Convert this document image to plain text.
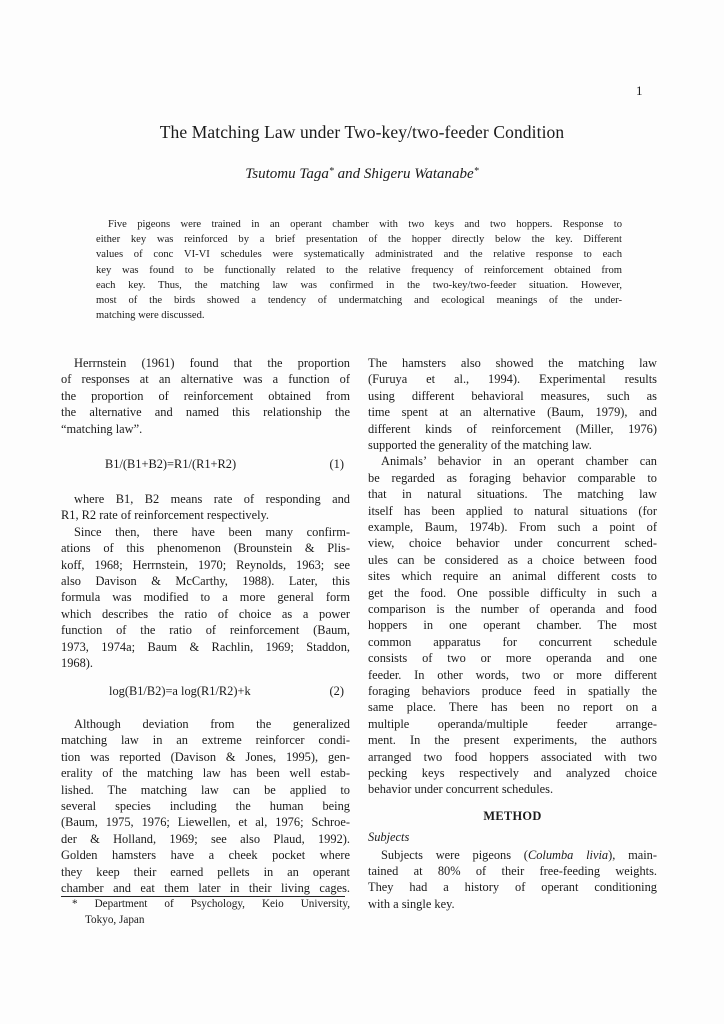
1
The Matching Law under Two-key/two-feeder Condition
Tsutomu Taga* and Shigeru Watanabe*
Five pigeons were trained in an operant chamber with two keys and two hoppers. Response to
either key was reinforced by a brief presentation of the hopper directly below the key. Different
values of conc VI-VI schedules were systematically administrated and the relative response to each
key was found to be functionally related to the relative frequency of reinforcement obtained from
each key. Thus, the matching law was confirmed in the two-key/two-feeder situation. However,
most of the birds showed a tendency of undermatching and ecological meanings of the under-
matching were discussed.
Herrnstein (1961) found that the proportion
of responses at an alternative was a function of
the proportion of reinforcement obtained from
the alternative and named this relationship the
“matching law”.
B1/(B1+B2)=R1/(R1+R2)	(1)
where B1, B2 means rate of responding and
R1, R2 rate of reinforcement respectively.
Since then, there have been many confirm-
ations of this phenomenon (Brounstein & Plis-
koff, 1968; Herrnstein, 1970; Reynolds, 1963; see
also Davison & McCarthy, 1988). Later, this
formula was modified to a more general form
which describes the ratio of choice as a power
function of the ratio of reinforcement (Baum,
1973, 1974a; Baum & Rachlin, 1969; Staddon,
1968).
log(B1/B2)=a log(R1/R2)+k	(2)
Although deviation from the generalized
matching law in an extreme reinforcer condi-
tion was reported (Davison & Jones, 1995), gen-
erality of the matching law has been well estab-
lished. The matching law can be applied to
several species including the human being
(Baum, 1975, 1976; Liewellen, et al, 1976; Schroe-
der & Holland, 1969; see also Plaud, 1992).
Golden hamsters have a cheek pocket where
they keep their earned pellets in an operant
chamber and eat them later in their living cages.
* Department of Psychology, Keio University,
Tokyo, Japan
The hamsters also showed the matching law
(Furuya et al., 1994). Experimental results
using different behavioral measures, such as
time spent at an alternative (Baum, 1979), and
different kinds of reinforcement (Miller, 1976)
supported the generality of the matching law.
Animals’ behavior in an operant chamber can
be regarded as foraging behavior comparable to
that in natural situations. The matching law
itself has been applied to natural situations (for
example, Baum, 1974b). From such a point of
view, choice behavior under concurrent sched-
ules can be considered as a choice between food
sites which require an animal different costs to
get the food. One possible difficulty in such a
comparison is the number of operanda and food
hoppers in one operant chamber. The most
common apparatus for concurrent schedule
consists of two or more operanda and one
feeder. In other words, two or more different
foraging behaviors produce feed in spatially the
same place. There has been no report on a
multiple operanda/multiple feeder arrange-
ment. In the present experiments, the authors
arranged two food hoppers associated with two
pecking keys respectively and analyzed choice
behavior under concurrent schedules.
METHOD
Subjects
Subjects were pigeons (Columba livia), main-
tained at 80% of their free-feeding weights.
They had a history of operant conditioning
with a single key.
